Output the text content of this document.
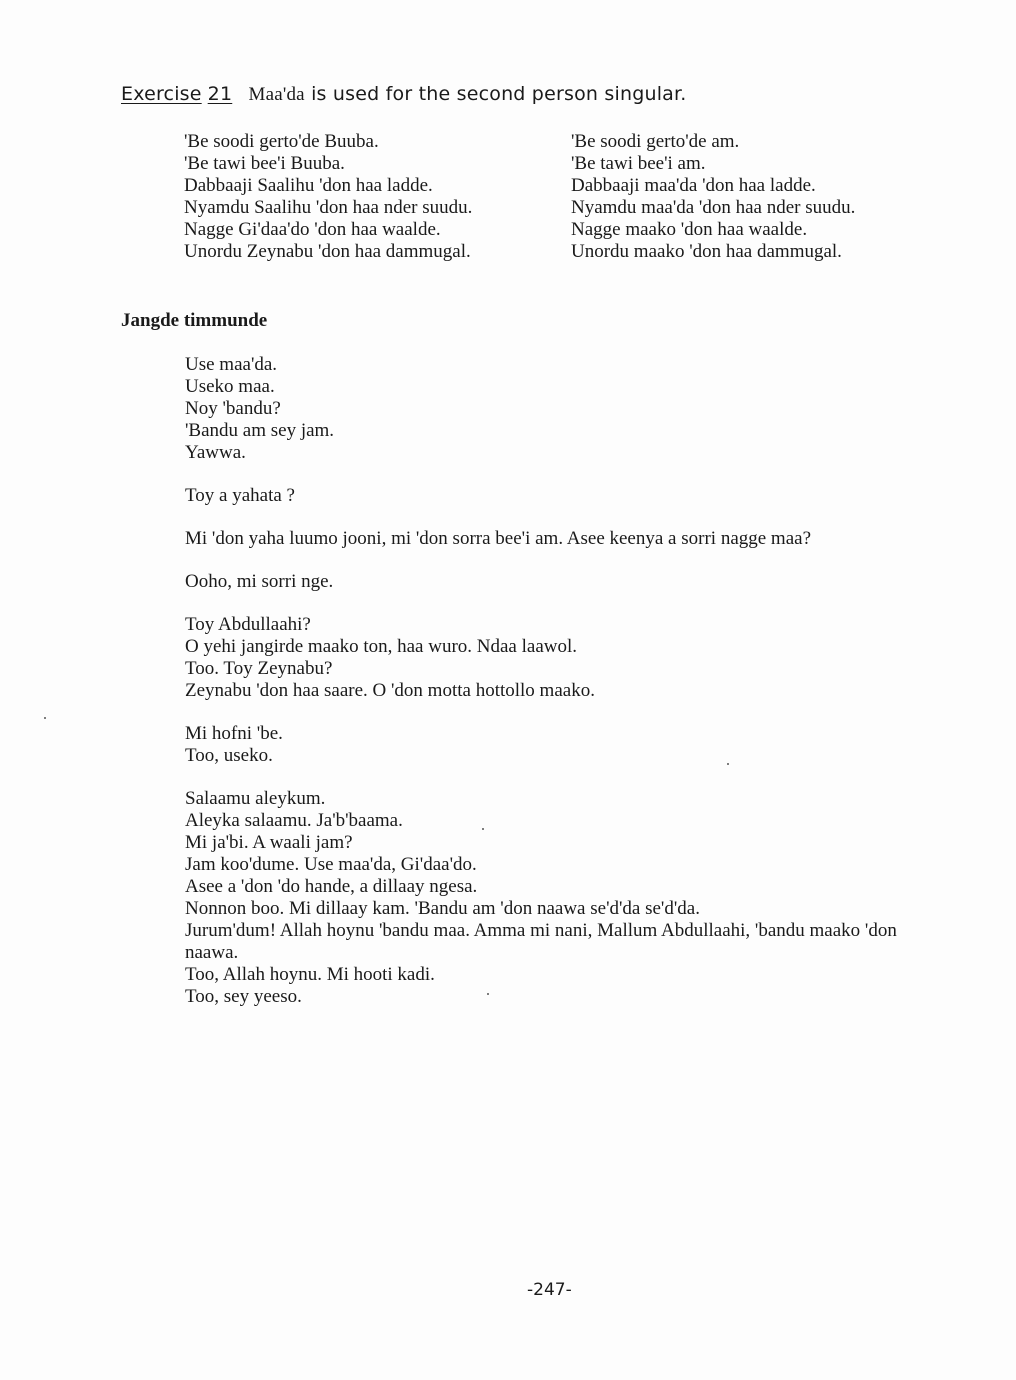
Exercise 21 Maa'da is used for the second person singular.
'Be soodi gerto'de Buuba.
'Be tawi bee'i Buuba.
Dabbaaji Saalihu 'don haa ladde.
Nyamdu Saalihu 'don haa nder suudu.
Nagge Gi'daa'do 'don haa waalde.
Unordu Zeynabu 'don haa dammugal.
'Be soodi gerto'de am.
'Be tawi bee'i am.
Dabbaaji maa'da 'don haa ladde.
Nyamdu maa'da 'don haa nder suudu.
Nagge maako 'don haa waalde.
Unordu maako 'don haa dammugal.
Jangde timmunde
Use maa'da.
Useko maa.
Noy 'bandu?
'Bandu am sey jam.
Yawwa.
Toy a yahata ?
Mi 'don yaha luumo jooni, mi 'don sorra bee'i am. Asee keenya a sorri nagge maa?
Ooho, mi sorri nge.
Toy Abdullaahi?
O yehi jangirde maako ton, haa wuro. Ndaa laawol.
Too. Toy Zeynabu?
Zeynabu 'don haa saare. O 'don motta hottollo maako.
Mi hofni 'be.
Too, useko.
Salaamu aleykum.
Aleyka salaamu. Ja'b'baama.
Mi ja'bi. A waali jam?
Jam koo'dume. Use maa'da, Gi'daa'do.
Asee a 'don 'do hande, a dillaay ngesa.
Nonnon boo. Mi dillaay kam. 'Bandu am 'don naawa se'd'da se'd'da.
Jurum'dum! Allah hoynu 'bandu maa. Amma mi nani, Mallum Abdullaahi, 'bandu maako 'don naawa.
Too, Allah hoynu. Mi hooti kadi.
Too, sey yeeso.
-247-
